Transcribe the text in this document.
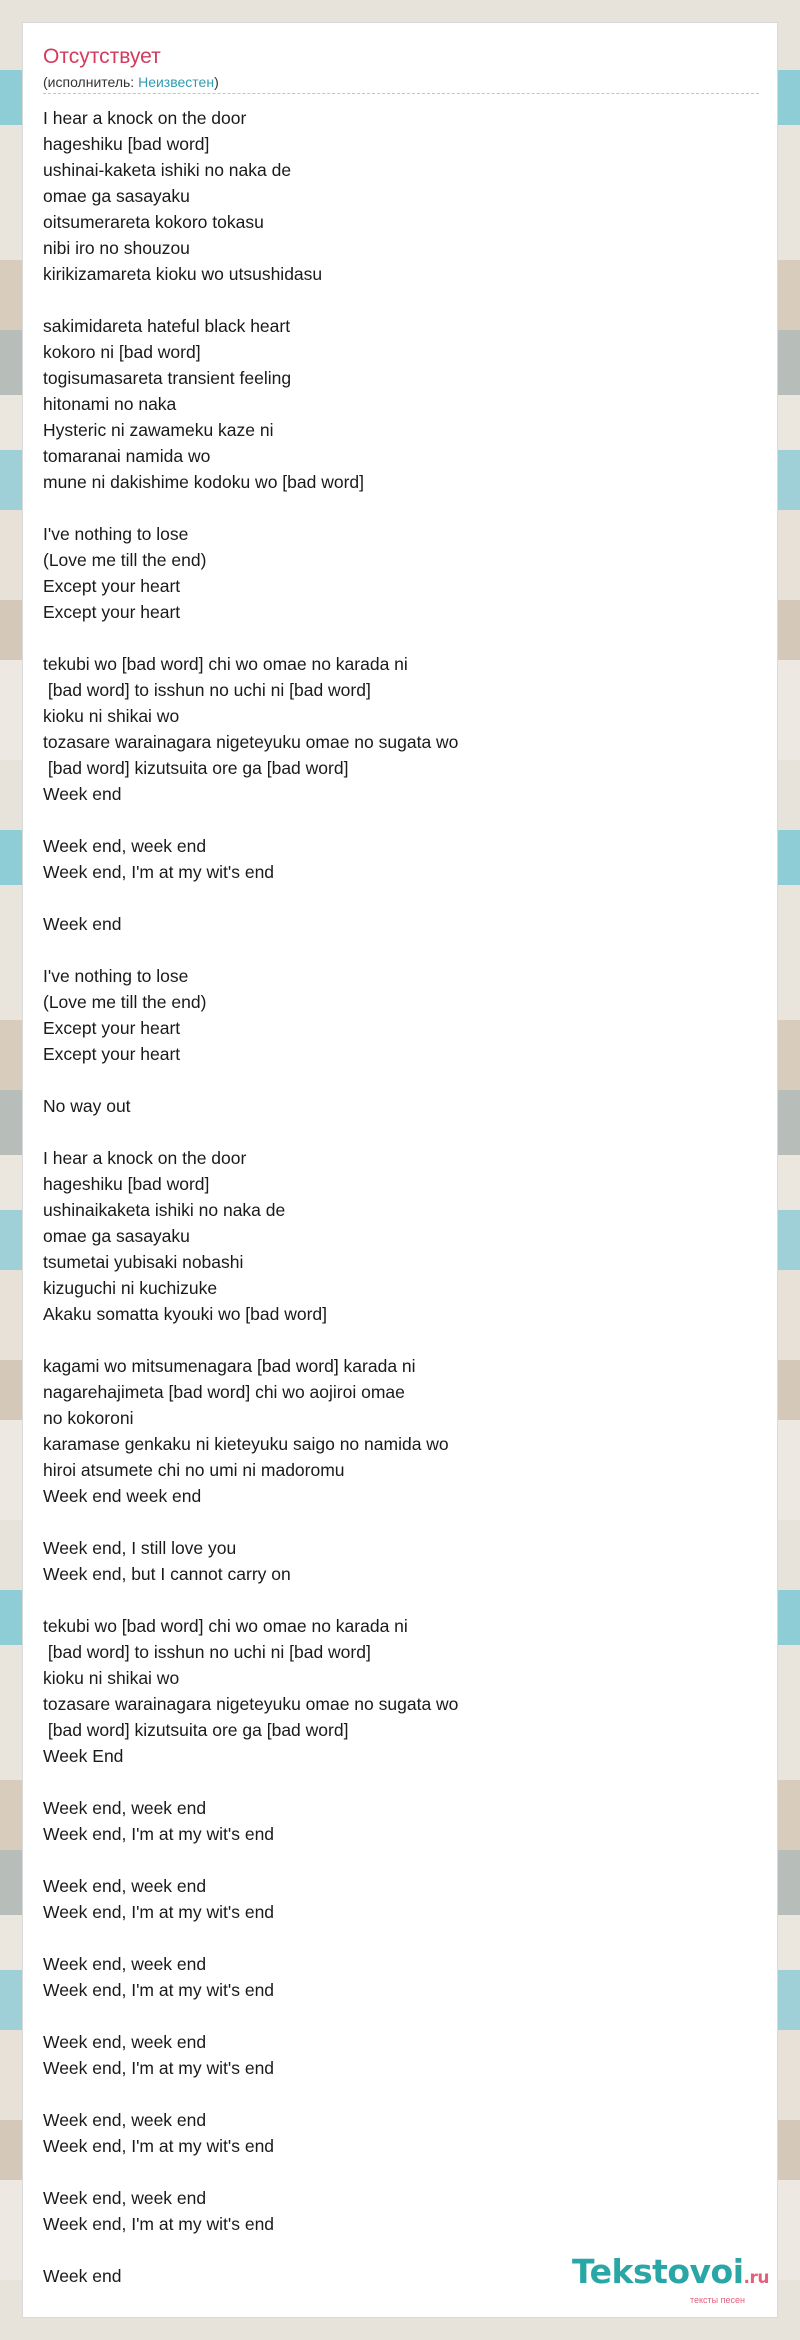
Отсутствует
(исполнитель: Неизвестен)
I hear a knock on the door
hageshiku [bad word]
ushinai-kaketa ishiki no naka de
omae ga sasayaku
oitsumerareta kokoro tokasu
nibi iro no shouzou
kirikizamareta kioku wo utsushidasu
sakimidareta hateful black heart
kokoro ni [bad word]
togisumasareta transient feeling
hitonami no naka
Hysteric ni zawameku kaze ni
tomaranai namida wo
mune ni dakishime kodoku wo [bad word]
I've nothing to lose
(Love me till the end)
Except your heart
Except your heart
tekubi wo [bad word] chi wo omae no karada ni
[bad word] to isshun no uchi ni [bad word]
kioku ni shikai wo
tozasare warainagara nigeteyuku omae no sugata wo
[bad word] kizutsuita ore ga [bad word]
Week end
Week end, week end
Week end, I'm at my wit's end
Week end
I've nothing to lose
(Love me till the end)
Except your heart
Except your heart
No way out
I hear a knock on the door
hageshiku [bad word]
ushinaikaketa ishiki no naka de
omae ga sasayaku
tsumetai yubisaki nobashi
kizuguchi ni kuchizuke
Akaku somatta kyouki wo [bad word]
kagami wo mitsumenagara [bad word] karada ni
nagarehajimeta [bad word] chi wo aojiroi omae
no kokoroni
karamase genkaku ni kieteyuku saigo no namida wo
hiroi atsumete chi no umi ni madoromu
Week end week end
Week end, I still love you
Week end, but I cannot carry on
tekubi wo [bad word] chi wo omae no karada ni
[bad word] to isshun no uchi ni [bad word]
kioku ni shikai wo
tozasare warainagara nigeteyuku omae no sugata wo
[bad word] kizutsuita ore ga [bad word]
Week End
Week end, week end
Week end, I'm at my wit's end
Week end, week end
Week end, I'm at my wit's end
Week end, week end
Week end, I'm at my wit's end
Week end, week end
Week end, I'm at my wit's end
Week end, week end
Week end, I'm at my wit's end
Week end, week end
Week end, I'm at my wit's end
Week end	Tekstovoi.ru
тексты песен
